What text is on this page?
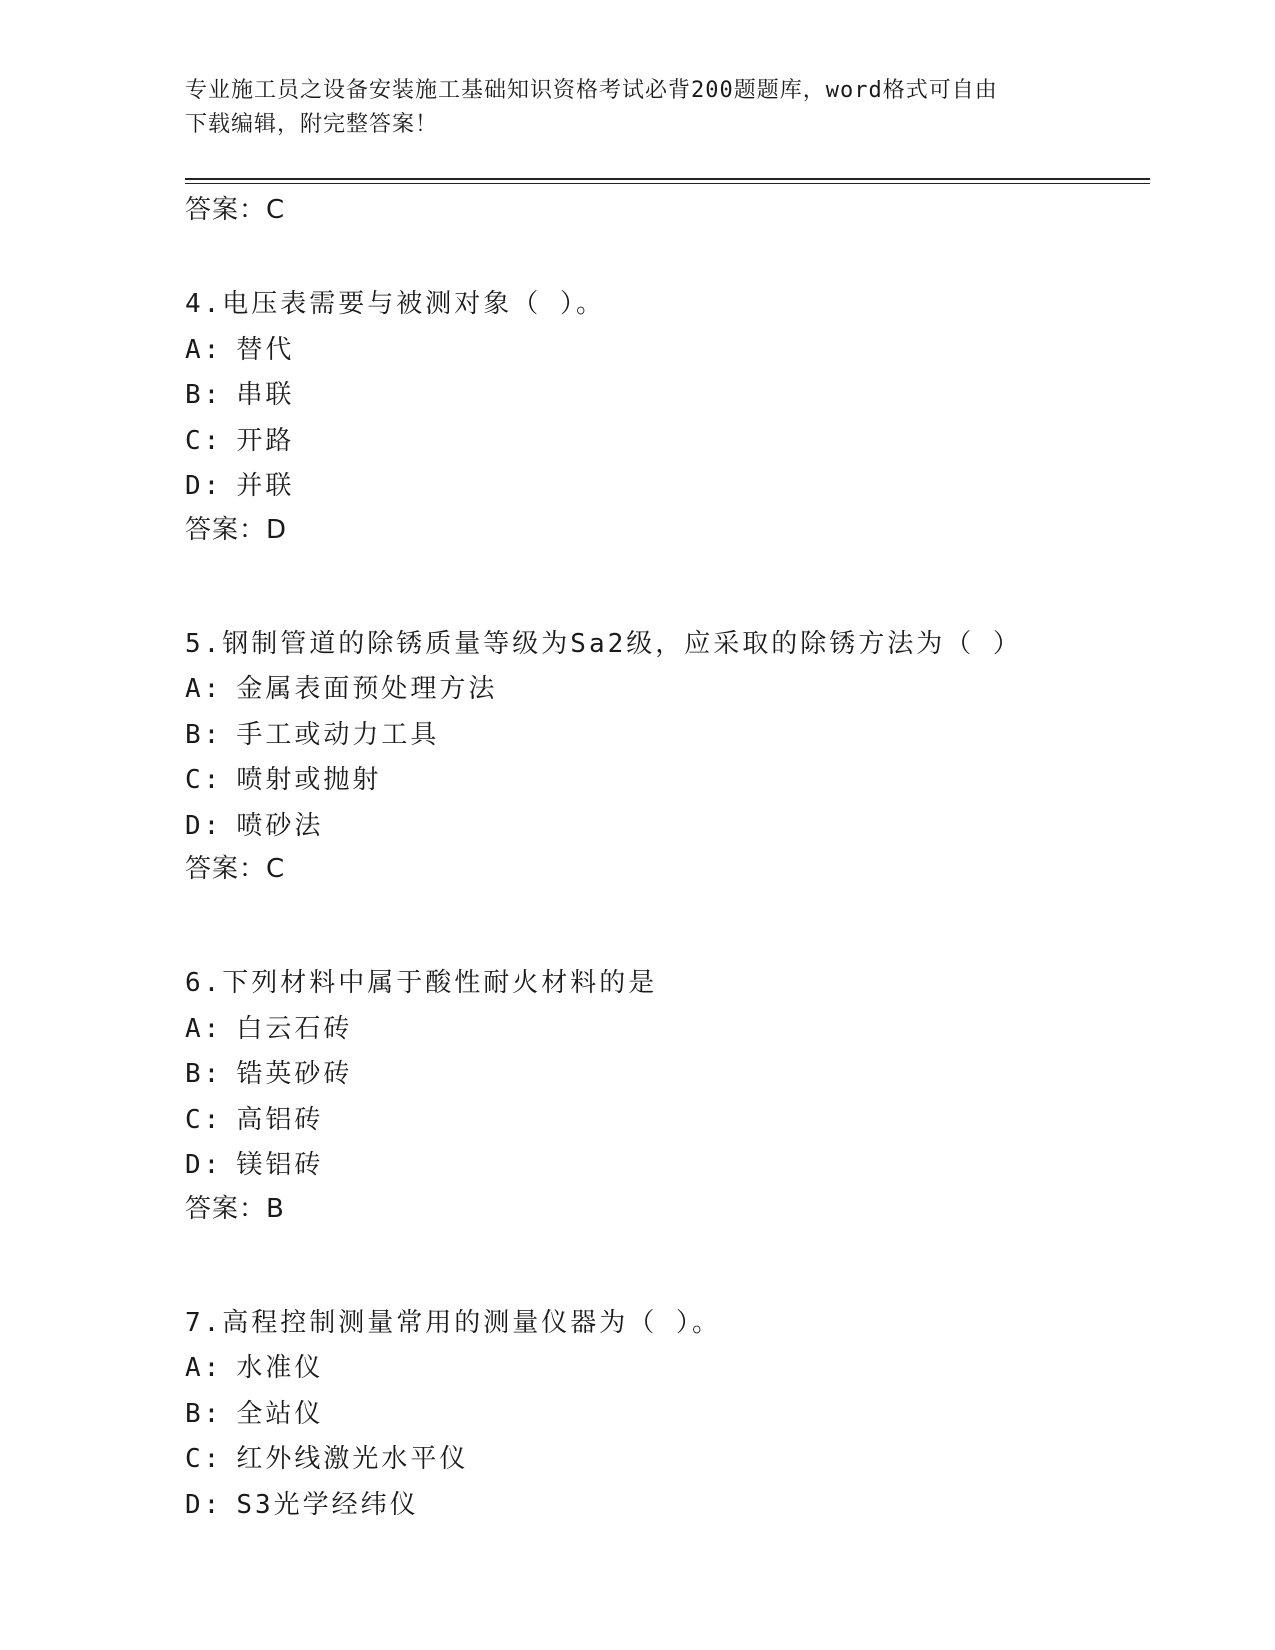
专业施工员之设备安装施工基础知识资格考试必背200题题库，word格式可自由
下载编辑，附完整答案！
答案：C
4.电压表需要与被测对象（ ）。
A: 替代
B: 串联
C: 开路
D: 并联
答案：D
5.钢制管道的除锈质量等级为Sa2级，应采取的除锈方法为（ ）
A: 金属表面预处理方法
B: 手工或动力工具
C: 喷射或抛射
D: 喷砂法
答案：C
6.下列材料中属于酸性耐火材料的是
A: 白云石砖
B: 锆英砂砖
C: 高铝砖
D: 镁铝砖
答案：B
7.高程控制测量常用的测量仪器为（ ）。
A: 水准仪
B: 全站仪
C: 红外线激光水平仪
D: S3光学经纬仪
